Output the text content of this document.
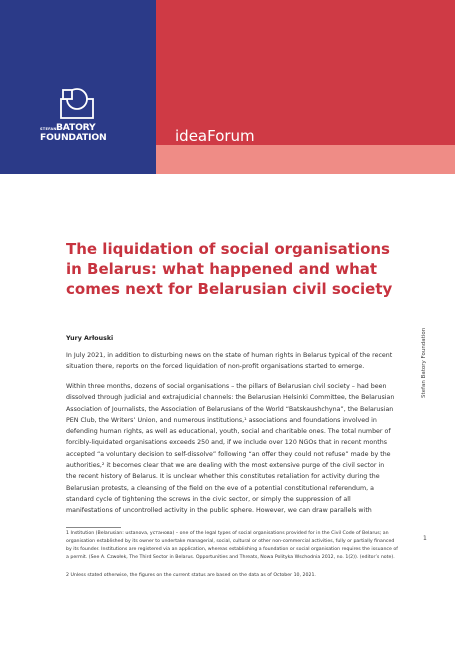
STEFAN BATORY
FOUNDATION	ideaForum
The liquidation of social organisations in Belarus: what happened and what comes next for Belarusian civil society
Yury Arłouski

In July 2021, in addition to disturbing news on the state of human rights in Belarus typical of the recent situation there, reports on the forced liquidation of non-profit organisations started to emerge.

Within three months, dozens of social organisations – the pillars of Belarusian civil society – had been dissolved through judicial and extrajudicial channels: the Belarusian Helsinki Committee, the Belarusian Association of Journalists, the Association of Belarusians of the World “Batskaushchyna”, the Belarusian PEN Club, the Writers’ Union, and numerous institutions,¹ associations and foundations involved in defending human rights, as well as educational, youth, social and charitable ones. The total number of forcibly-liquidated organisations exceeds 250 and, if we include over 120 NGOs that in recent months accepted “a voluntary decision to self-dissolve” following “an offer they could not refuse” made by the authorities,² it becomes clear that we are dealing with the most extensive purge of the civil sector in the recent history of Belarus. It is unclear whether this constitutes retaliation for activity during the Belarusian protests, a cleansing of the field on the eve of a potential constitutional referendum, a standard cycle of tightening the screws in the civic sector, or simply the suppression of all manifestations of uncontrolled activity in the public sphere. However, we can draw parallels with

1 Institution (Belarusian: ustanova, установа) – one of the legal types of social organisations provided for in the Civil Code of Belarus; an organisation established by its owner to undertake managerial, social, cultural or other non-commercial activities, fully or partially financed by its founder. Institutions are registered via an application, whereas establishing a foundation or social organisation requires the issuance of a permit. (See A. Czwołek, The Third Sector in Belarus. Opportunities and Threats, Nowa Polityka Wschodnia 2012, no. 1(2)). (editor’s note).

2 Unless stated otherwise, the figures on the current status are based on the data as of October 10, 2021.

Stefan Batory Foundation
1
